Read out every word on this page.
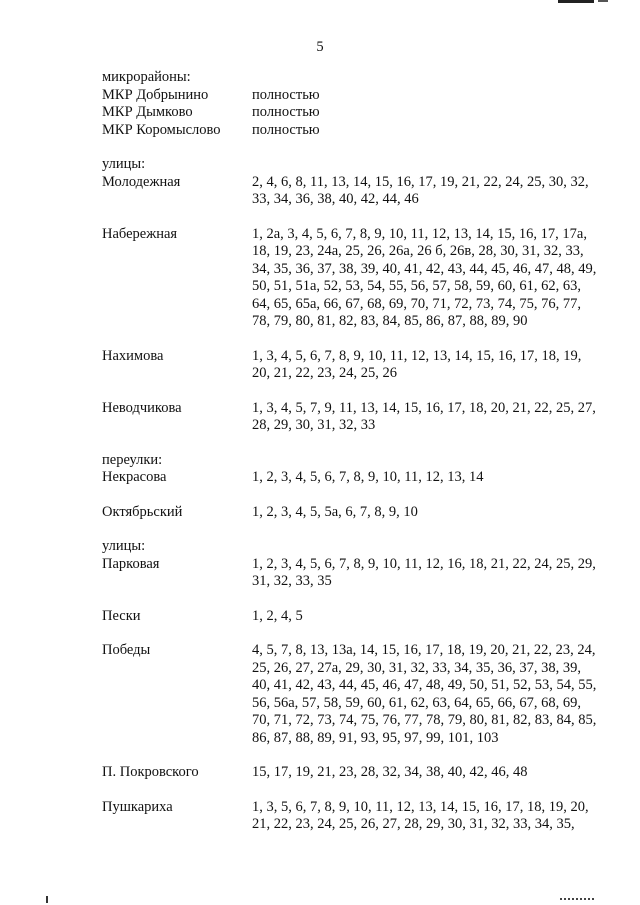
5
микрорайоны:
МКР Добрынино	полностью
МКР Дымково	полностью
МКР Коромыслово	полностью
улицы:
Молодежная	2, 4, 6, 8, 11, 13, 14, 15, 16, 17, 19, 21, 22, 24, 25, 30, 32, 33, 34, 36, 38, 40, 42, 44, 46
Набережная	1, 2а, 3, 4, 5, 6, 7, 8, 9, 10, 11, 12, 13, 14, 15, 16, 17, 17а, 18, 19, 23, 24а, 25, 26, 26а, 26 б, 26в, 28, 30, 31, 32, 33, 34, 35, 36, 37, 38, 39, 40, 41, 42, 43, 44, 45, 46, 47, 48, 49, 50, 51, 51а, 52, 53, 54, 55, 56, 57, 58, 59, 60, 61, 62, 63, 64, 65, 65а, 66, 67, 68, 69, 70, 71, 72, 73, 74, 75, 76, 77, 78, 79, 80, 81, 82, 83, 84, 85, 86, 87, 88, 89, 90
Нахимова	1, 3, 4, 5, 6, 7, 8, 9, 10, 11, 12, 13, 14, 15, 16, 17, 18, 19, 20, 21, 22, 23, 24, 25, 26
Неводчикова	1, 3, 4, 5, 7, 9, 11, 13, 14, 15, 16, 17, 18, 20, 21, 22, 25, 27, 28, 29, 30, 31, 32, 33
переулки:
Некрасова	1, 2, 3, 4, 5, 6, 7, 8, 9, 10, 11, 12, 13, 14
Октябрьский	1, 2, 3, 4, 5, 5а, 6, 7, 8, 9, 10
улицы:
Парковая	1, 2, 3, 4, 5, 6, 7, 8, 9, 10, 11, 12, 16, 18, 21, 22, 24, 25, 29, 31, 32, 33, 35
Пески	1, 2, 4, 5
Победы	4, 5, 7, 8, 13, 13а, 14, 15, 16, 17, 18, 19, 20, 21, 22, 23, 24, 25, 26, 27, 27а, 29, 30, 31, 32, 33, 34, 35, 36, 37, 38, 39, 40, 41, 42, 43, 44, 45, 46, 47, 48, 49, 50, 51, 52, 53, 54, 55, 56, 56а, 57, 58, 59, 60, 61, 62, 63, 64, 65, 66, 67, 68, 69, 70, 71, 72, 73, 74, 75, 76, 77, 78, 79, 80, 81, 82, 83, 84, 85, 86, 87, 88, 89, 91, 93, 95, 97, 99, 101, 103
П. Покровского	15, 17, 19, 21, 23, 28, 32, 34, 38, 40, 42, 46, 48
Пушкариха	1, 3, 5, 6, 7, 8, 9, 10, 11, 12, 13, 14, 15, 16, 17, 18, 19, 20, 21, 22, 23, 24, 25, 26, 27, 28, 29, 30, 31, 32, 33, 34, 35,
